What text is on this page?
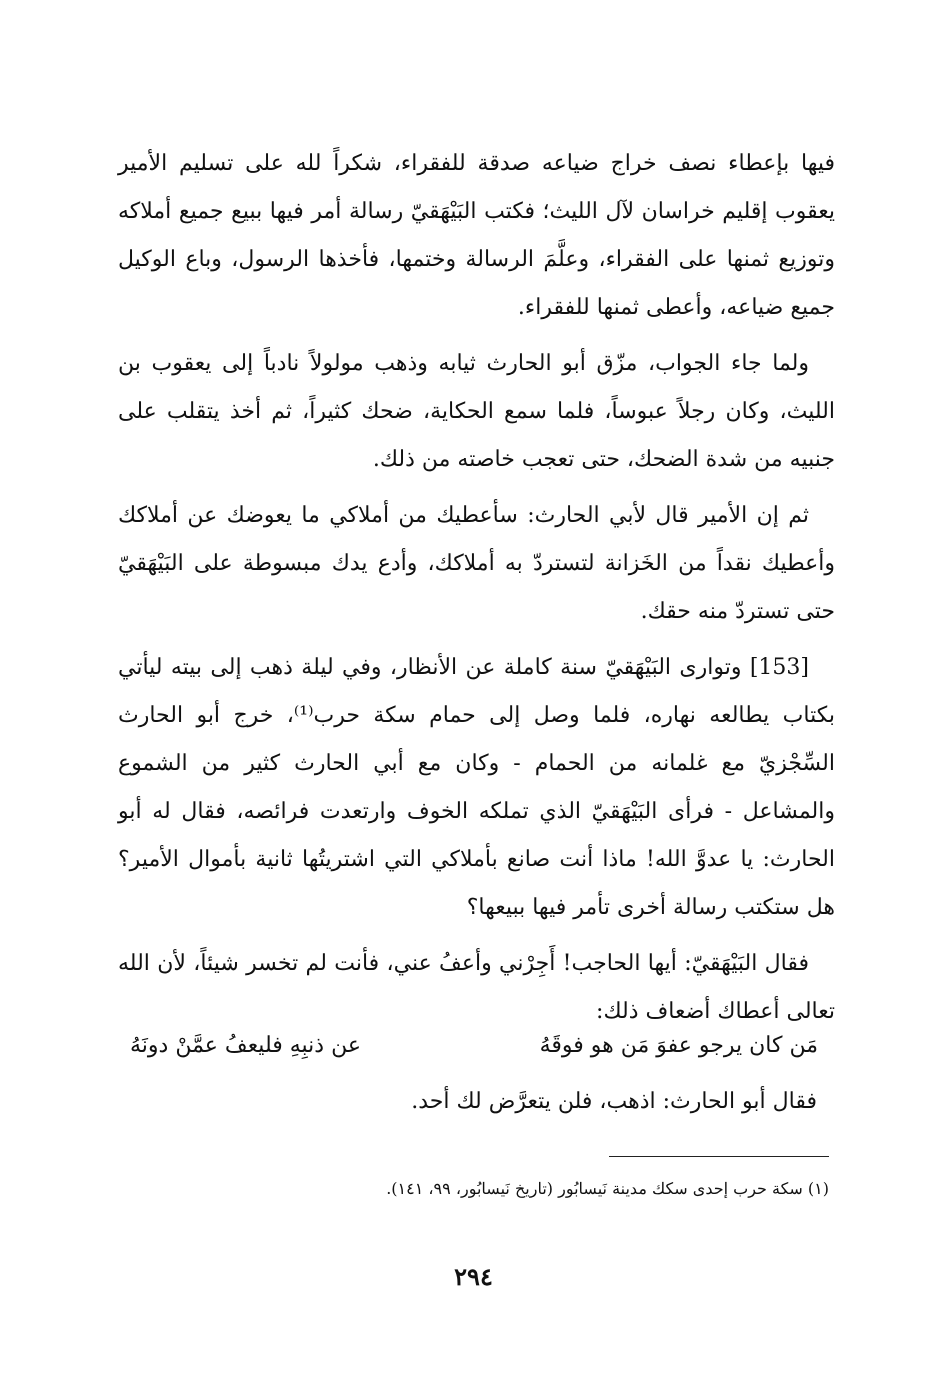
فيها بإعطاء نصف خراج ضياعه صدقة للفقراء، شكراً لله على تسليم الأمير يعقوب إقليم خراسان لآل الليث؛ فكتب البَيْهَقيّ رسالة أمر فيها ببيع جميع أملاكه وتوزيع ثمنها على الفقراء، وعلَّمَ الرسالة وختمها، فأخذها الرسول، وباع الوكيل جميع ضياعه، وأعطى ثمنها للفقراء.

ولما جاء الجواب، مزّق أبو الحارث ثيابه وذهب مولولاً نادباً إلى يعقوب بن الليث، وكان رجلاً عبوساً، فلما سمع الحكاية، ضحك كثيراً، ثم أخذ يتقلب على جنبيه من شدة الضحك، حتى تعجب خاصته من ذلك.

ثم إن الأمير قال لأبي الحارث: سأعطيك من أملاكي ما يعوضك عن أملاكك وأعطيك نقداً من الخَزانة لتستردّ به أملاكك، وأدع يدك مبسوطة على البَيْهَقيّ حتى تستردّ منه حقك.

[153] وتوارى البَيْهَقيّ سنة كاملة عن الأنظار، وفي ليلة ذهب إلى بيته ليأتي بكتاب يطالعه نهاره، فلما وصل إلى حمام سكة حرب⁽¹⁾، خرج أبو الحارث السِّجْزيّ مع غلمانه من الحمام - وكان مع أبي الحارث كثير من الشموع والمشاعل - فرأى البَيْهَقيّ الذي تملكه الخوف وارتعدت فرائصه، فقال له أبو الحارث: يا عدوَّ الله! ماذا أنت صانع بأملاكي التي اشتريتُها ثانية بأموال الأمير؟ هل ستكتب رسالة أخرى تأمر فيها ببيعها؟

فقال البَيْهَقيّ: أيها الحاجب! أَجِرْني وأعفُ عني، فأنت لم تخسر شيئاً، لأن الله تعالى أعطاك أضعاف ذلك:

مَن كان يرجو عفوَ مَن هو فوقَهُ
عن ذنبِهِ فليعفُ عمَّنْ دونَهُ
فقال أبو الحارث: اذهب، فلن يتعرَّض لك أحد.
(١) سكة حرب إحدى سكك مدينة نَيسابُور (تاريخ نَيسابُور، ٩٩، ١٤١).
٢٩٤
